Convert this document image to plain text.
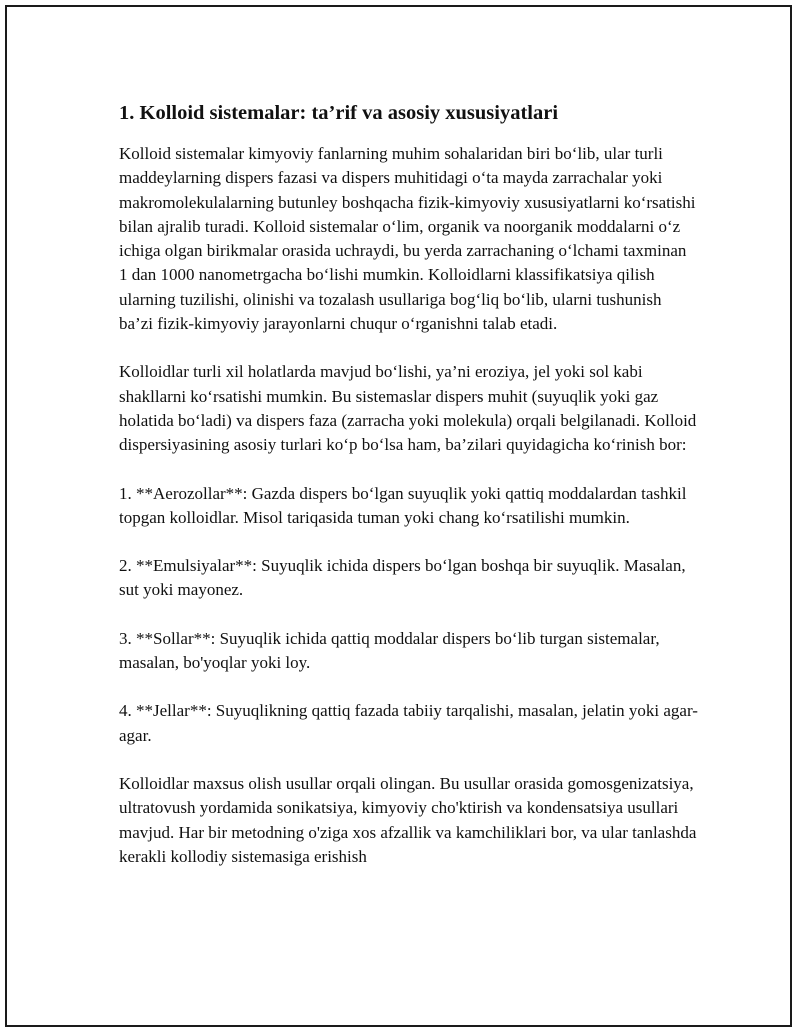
1. Kolloid sistemalar: ta’rif va asosiy xususiyatlari

Kolloid sistemalar kimyoviy fanlarning muhim sohalaridan biri bo‘lib, ular turli maddeylarning dispers fazasi va dispers muhitidagi o‘ta mayda zarrachalar yoki makromolekulalarning butunley boshqacha fizik-kimyoviy xususiyatlarni ko‘rsatishi bilan ajralib turadi. Kolloid sistemalar o‘lim, organik va noorganik moddalarni o‘z ichiga olgan birikmalar orasida uchraydi, bu yerda zarrachaning o‘lchami taxminan 1 dan 1000 nanometrgacha bo‘lishi mumkin. Kolloidlarni klassifikatsiya qilish ularning tuzilishi, olinishi va tozalash usullariga bog‘liq bo‘lib, ularni tushunish ba’zi fizik-kimyoviy jarayonlarni chuqur o‘rganishni talab etadi.

Kolloidlar turli xil holatlarda mavjud bo‘lishi, ya’ni eroziya, jel yoki sol kabi shakllarni ko‘rsatishi mumkin. Bu sistemaslar dispers muhit (suyuqlik yoki gaz holatida bo‘ladi) va dispers faza (zarracha yoki molekula) orqali belgilanadi. Kolloid dispersiyasining asosiy turlari ko‘p bo‘lsa ham, ba’zilari quyidagicha ko‘rinish bor:

1. **Aerozollar**: Gazda dispers bo‘lgan suyuqlik yoki qattiq moddalardan tashkil topgan kolloidlar. Misol tariqasida tuman yoki chang ko‘rsatilishi mumkin.

2. **Emulsiyalar**: Suyuqlik ichida dispers bo‘lgan boshqa bir suyuqlik. Masalan, sut yoki mayonez.

3. **Sollar**: Suyuqlik ichida qattiq moddalar dispers bo‘lib turgan sistemalar, masalan, bo'yoqlar yoki loy.

4. **Jellar**: Suyuqlikning qattiq fazada tabiiy tarqalishi, masalan, jelatin yoki agar-agar.

Kolloidlar maxsus olish usullar orqali olingan. Bu usullar orasida gomosgenizatsiya, ultratovush yordamida sonikatsiya, kimyoviy cho'ktirish va kondensatsiya usullari mavjud. Har bir metodning o'ziga xos afzallik va kamchiliklari bor, va ular tanlashda kerakli kollodiy sistemasiga erishish
